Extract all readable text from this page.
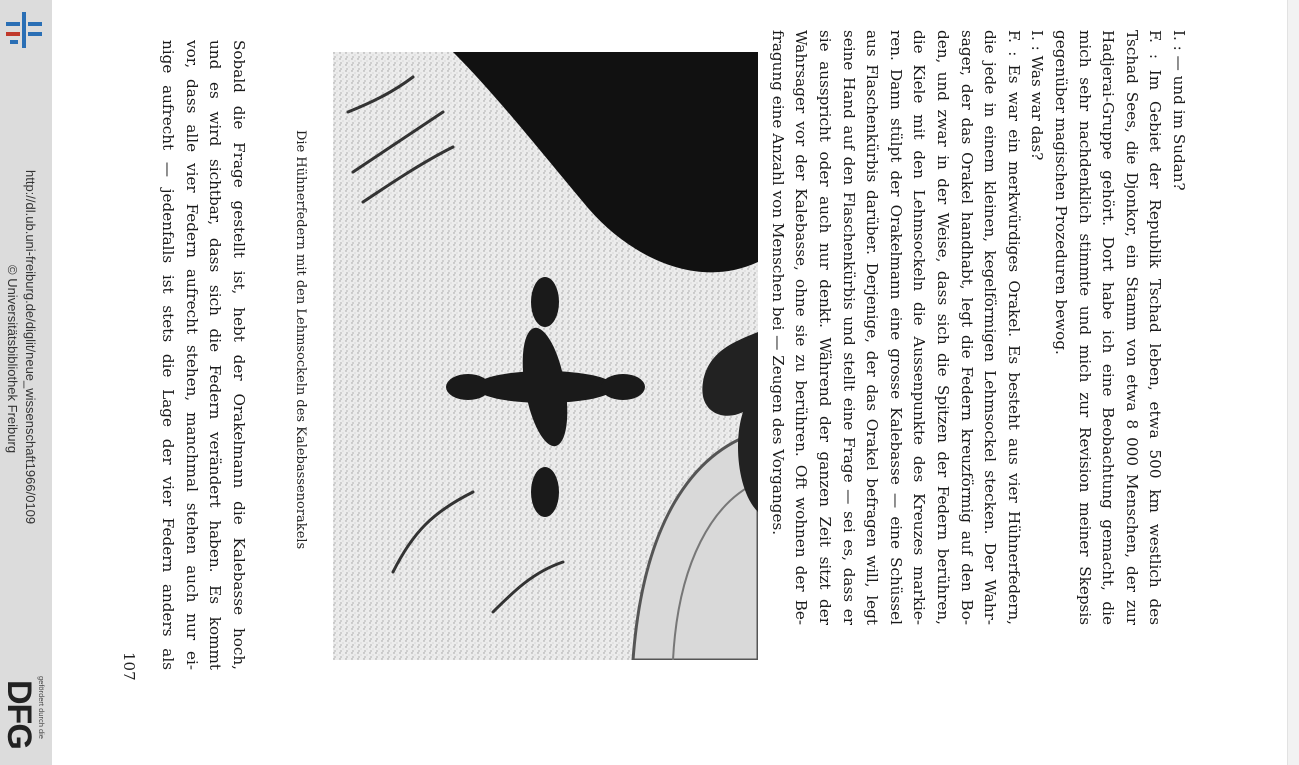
http://dl.ub.uni-freiburg.de/diglit/neue_wissenschaft1966/0109
© Universitätsbibliothek Freiburg
gefördert durch die
DFG
I. : — und im Sudan?
F. : Im Gebiet der Republik Tschad leben, etwa 500 km westlich des
Tschad Sees, die Djonkor, ein Stamm von etwa 8 000 Menschen, der zur
Hadjerai-Gruppe gehört. Dort habe ich eine Beobachtung gemacht, die
mich sehr nachdenklich stimmte und mich zur Revision meiner Skepsis
gegenüber magischen Prozeduren bewog.
I. : Was war das?
F. : Es war ein merkwürdiges Orakel. Es besteht aus vier Hühnerfedern,
die jede in einem kleinen, kegelförmigen Lehmsockel stecken. Der Wahr-
sager, der das Orakel handhabt, legt die Federn kreuzförmig auf den Bo-
den, und zwar in der Weise, dass sich die Spitzen der Federn berühren,
die Kiele mit den Lehmsockeln die Aussenpunkte des Kreuzes markie-
ren. Dann stülpt der Orakelmann eine grosse Kalebasse — eine Schüssel
aus Flaschenkürbis darüber. Derjenige, der das Orakel befragen will, legt
seine Hand auf den Flaschenkürbis und stellt eine Frage — sei es, dass er
sie ausspricht oder auch nur denkt. Während der ganzen Zeit sitzt der
Wahrsager vor der Kalebasse, ohne sie zu berühren. Oft wohnen der Be-
fragung eine Anzahl von Menschen bei — Zeugen des Vorganges.
Die Hühnerfedern mit den Lehmsockeln des Kalebassenorakels
Sobald die Frage gestellt ist, hebt der Orakelmann die Kalebasse hoch,
und es wird sichtbar, dass sich die Federn verändert haben. Es kommt
vor, dass alle vier Federn aufrecht stehen, manchmal stehen auch nur ei-
nige aufrecht — jedenfalls ist stets die Lage der vier Federn anders als
107
